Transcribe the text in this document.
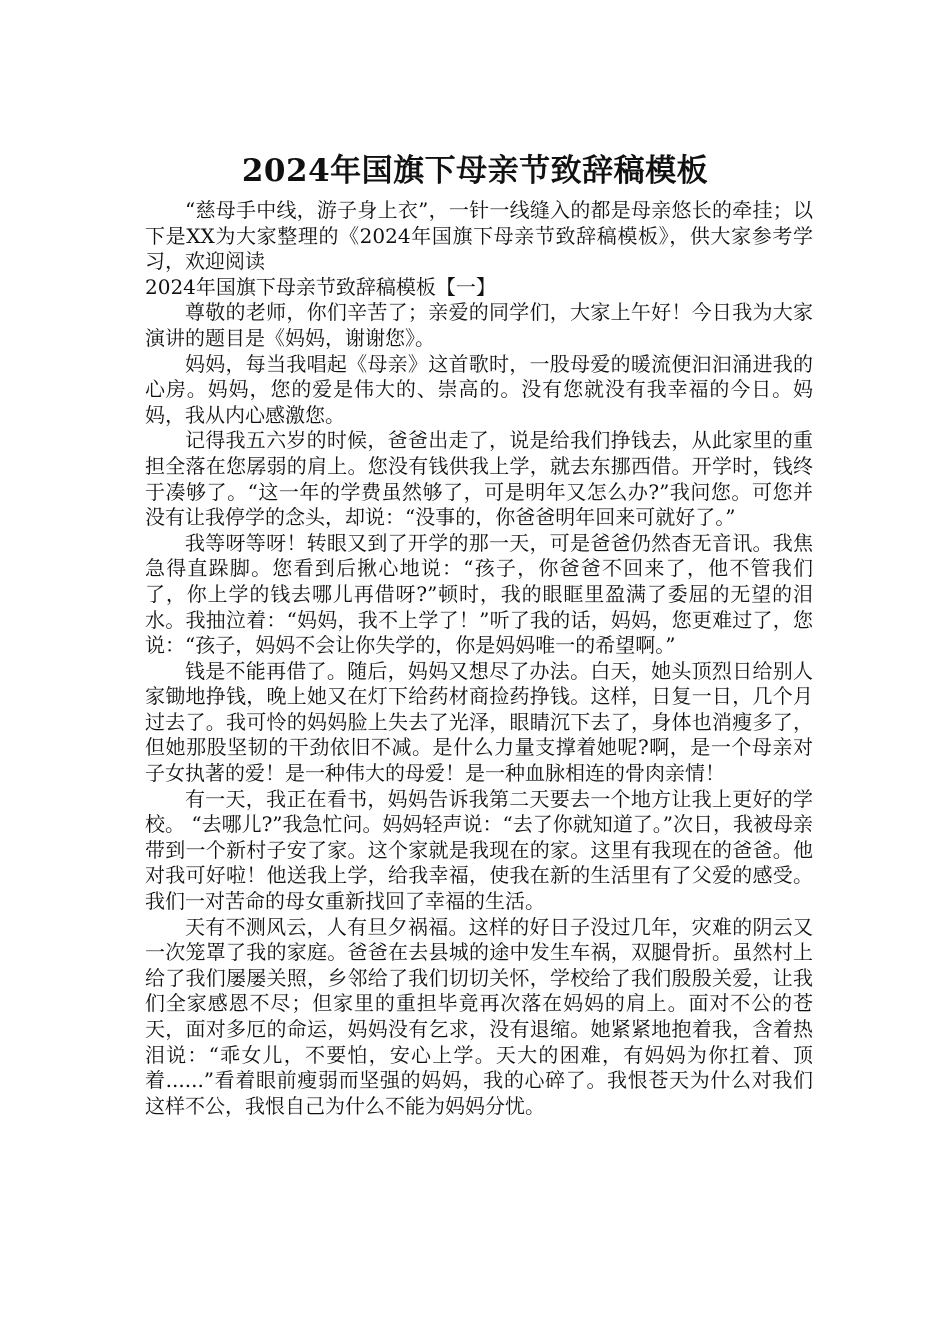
2024年国旗下母亲节致辞稿模板

“慈母手中线，游子身上衣”，一针一线缝入的都是母亲悠长的牵挂；以下是XX为大家整理的《2024年国旗下母亲节致辞稿模板》，供大家参考学习，欢迎阅读

2024年国旗下母亲节致辞稿模板【一】

尊敬的老师，你们辛苦了；亲爱的同学们，大家上午好！今日我为大家演讲的题目是《妈妈，谢谢您》。

妈妈，每当我唱起《母亲》这首歌时，一股母爱的暖流便汩汩涌进我的心房。妈妈，您的爱是伟大的、崇高的。没有您就没有我幸福的今日。妈妈，我从内心感激您。

记得我五六岁的时候，爸爸出走了，说是给我们挣钱去，从此家里的重担全落在您孱弱的肩上。您没有钱供我上学，就去东挪西借。开学时，钱终于凑够了。“这一年的学费虽然够了，可是明年又怎么办?”我问您。可您并没有让我停学的念头，却说：“没事的，你爸爸明年回来可就好了。”

我等呀等呀！转眼又到了开学的那一天，可是爸爸仍然杳无音讯。我焦急得直跺脚。您看到后揪心地说：“孩子，你爸爸不回来了，他不管我们了，你上学的钱去哪儿再借呀?”顿时，我的眼眶里盈满了委屈的无望的泪水。我抽泣着：“妈妈，我不上学了！”听了我的话，妈妈，您更难过了，您说：“孩子，妈妈不会让你失学的，你是妈妈唯一的希望啊。”

钱是不能再借了。随后，妈妈又想尽了办法。白天，她头顶烈日给别人家锄地挣钱，晚上她又在灯下给药材商捡药挣钱。这样，日复一日，几个月过去了。我可怜的妈妈脸上失去了光泽，眼睛沉下去了，身体也消瘦多了，但她那股坚韧的干劲依旧不减。是什么力量支撑着她呢?啊，是一个母亲对子女执著的爱！是一种伟大的母爱！是一种血脉相连的骨肉亲情！

有一天，我正在看书，妈妈告诉我第二天要去一个地方让我上更好的学校。 “去哪儿?”我急忙问。妈妈轻声说：“去了你就知道了。”次日，我被母亲带到一个新村子安了家。这个家就是我现在的家。这里有我现在的爸爸。他对我可好啦！他送我上学，给我幸福，使我在新的生活里有了父爱的感受。我们一对苦命的母女重新找回了幸福的生活。

天有不测风云，人有旦夕祸福。这样的好日子没过几年，灾难的阴云又一次笼罩了我的家庭。爸爸在去县城的途中发生车祸，双腿骨折。虽然村上给了我们屡屡关照，乡邻给了我们切切关怀，学校给了我们殷殷关爱，让我们全家感恩不尽；但家里的重担毕竟再次落在妈妈的肩上。面对不公的苍天，面对多厄的命运，妈妈没有乞求，没有退缩。她紧紧地抱着我，含着热泪说：“乖女儿，不要怕，安心上学。天大的困难，有妈妈为你扛着、顶着......”看着眼前瘦弱而坚强的妈妈，我的心碎了。我恨苍天为什么对我们这样不公，我恨自己为什么不能为妈妈分忧。
